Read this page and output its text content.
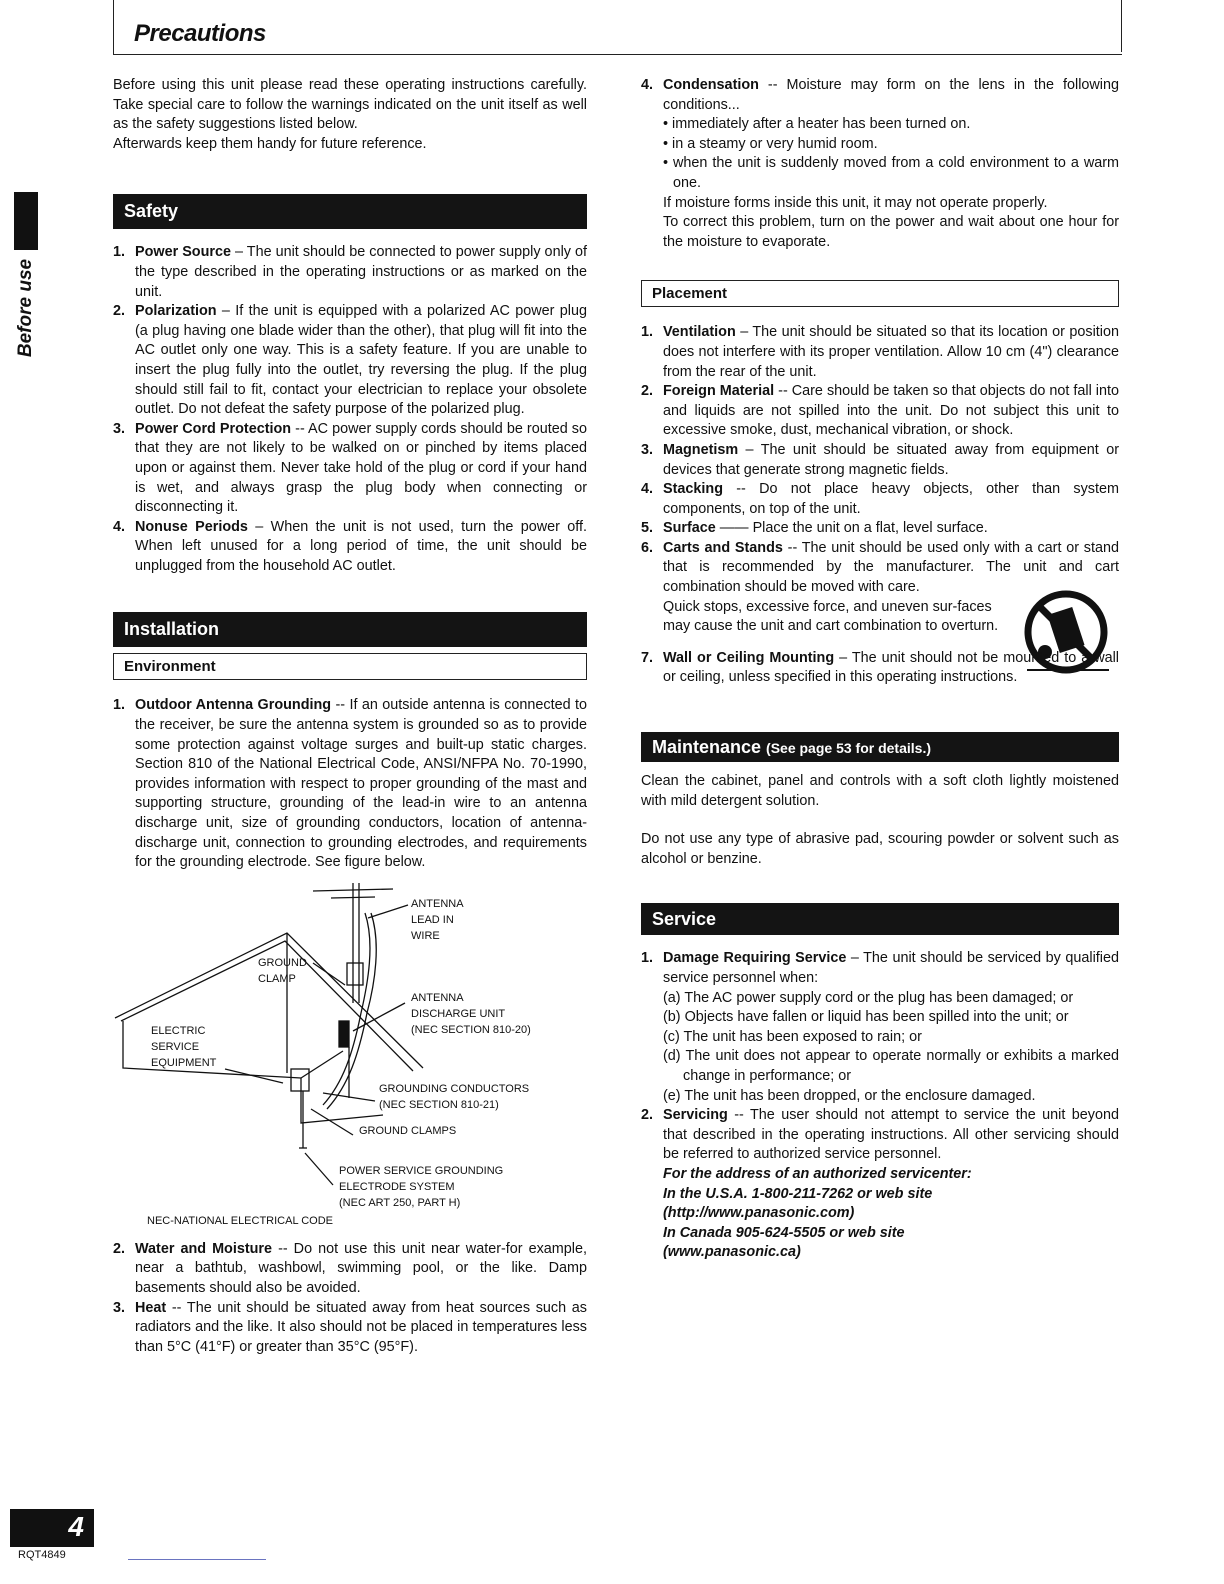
Precautions
Before use

Before using this unit please read these operating instructions carefully. Take special care to follow the warnings indicated on the unit itself as well as the safety suggestions listed below.

Afterwards keep them handy for future reference.

Safety
1. Power Source – The unit should be connected to power supply only of the type described in the operating instructions or as marked on the unit.
2. Polarization – If the unit is equipped with a polarized AC power plug (a plug having one blade wider than the other), that plug will fit into the AC outlet only one way. This is a safety feature. If you are unable to insert the plug fully into the outlet, try reversing the plug. If the plug should still fail to fit, contact your electrician to replace your obsolete outlet. Do not defeat the safety purpose of the polarized plug.
3. Power Cord Protection -- AC power supply cords should be routed so that they are not likely to be walked on or pinched by items placed upon or against them. Never take hold of the plug or cord if your hand is wet, and always grasp the plug body when connecting or disconnecting it.
4. Nonuse Periods – When the unit is not used, turn the power off. When left unused for a long period of time, the unit should be unplugged from the household AC outlet.
Installation
Environment
1. Outdoor Antenna Grounding -- If an outside antenna is connected to the receiver, be sure the antenna system is grounded so as to provide some protection against voltage surges and built-up static charges. Section 810 of the National Electrical Code, ANSI/NFPA No. 70-1990, provides information with respect to proper grounding of the mast and supporting structure, grounding of the lead-in wire to an antenna discharge unit, size of grounding conductors, location of antenna-discharge unit, connection to grounding electrodes, and requirements for the grounding electrode. See figure below.
ANTENNA
LEAD IN
WIRE
GROUND
CLAMP
ANTENNA
DISCHARGE UNIT
(NEC SECTION 810-20)
ELECTRIC
SERVICE
EQUIPMENT
GROUNDING CONDUCTORS
(NEC SECTION 810-21)
GROUND CLAMPS
POWER SERVICE GROUNDING
ELECTRODE SYSTEM
(NEC ART 250, PART H)
NEC-NATIONAL ELECTRICAL CODE
2. Water and Moisture -- Do not use this unit near water-for example, near a bathtub, washbowl, swimming pool, or the like. Damp basements should also be avoided.
3. Heat -- The unit should be situated away from heat sources such as radiators and the like. It also should not be placed in temperatures less than 5°C (41°F) or greater than 35°C (95°F).
4. Condensation -- Moisture may form on the lens in the following conditions...
• immediately after a heater has been turned on.
• in a steamy or very humid room.
• when the unit is suddenly moved from a cold environment to a warm one.
If moisture forms inside this unit, it may not operate properly.
To correct this problem, turn on the power and wait about one hour for the moisture to evaporate.
Placement
1. Ventilation – The unit should be situated so that its location or position does not interfere with its proper ventilation. Allow 10 cm (4") clearance from the rear of the unit.
2. Foreign Material -- Care should be taken so that objects do not fall into and liquids are not spilled into the unit. Do not subject this unit to excessive smoke, dust, mechanical vibration, or shock.
3. Magnetism – The unit should be situated away from equipment or devices that generate strong magnetic fields.
4. Stacking -- Do not place heavy objects, other than system components, on top of the unit.
5. Surface —— Place the unit on a flat, level surface.
6. Carts and Stands -- The unit should be used only with a cart or stand that is recommended by the manufacturer. The unit and cart combination should be moved with care.
Quick stops, excessive force, and uneven sur-faces may cause the unit and cart combination to overturn.
7. Wall or Ceiling Mounting – The unit should not be mounted to a wall or ceiling, unless specified in this operating instructions.
Maintenance (See page 53 for details.)

Clean the cabinet, panel and controls with a soft cloth lightly moistened with mild detergent solution.

Do not use any type of abrasive pad, scouring powder or solvent such as alcohol or benzine.

Service
1. Damage Requiring Service – The unit should be serviced by qualified service personnel when:
(a) The AC power supply cord or the plug has been damaged; or
(b) Objects have fallen or liquid has been spilled into the unit; or
(c) The unit has been exposed to rain; or
(d) The unit does not appear to operate normally or exhibits a marked change in performance; or
(e) The unit has been dropped, or the enclosure damaged.
2. Servicing -- The user should not attempt to service the unit beyond that described in the operating instructions. All other servicing should be referred to authorized service personnel.
For the address of an authorized servicenter:
In the U.S.A. 1-800-211-7262 or web site
(http://www.panasonic.com)
In Canada 905-624-5505 or web site
(www.panasonic.ca)
4
RQT4849
